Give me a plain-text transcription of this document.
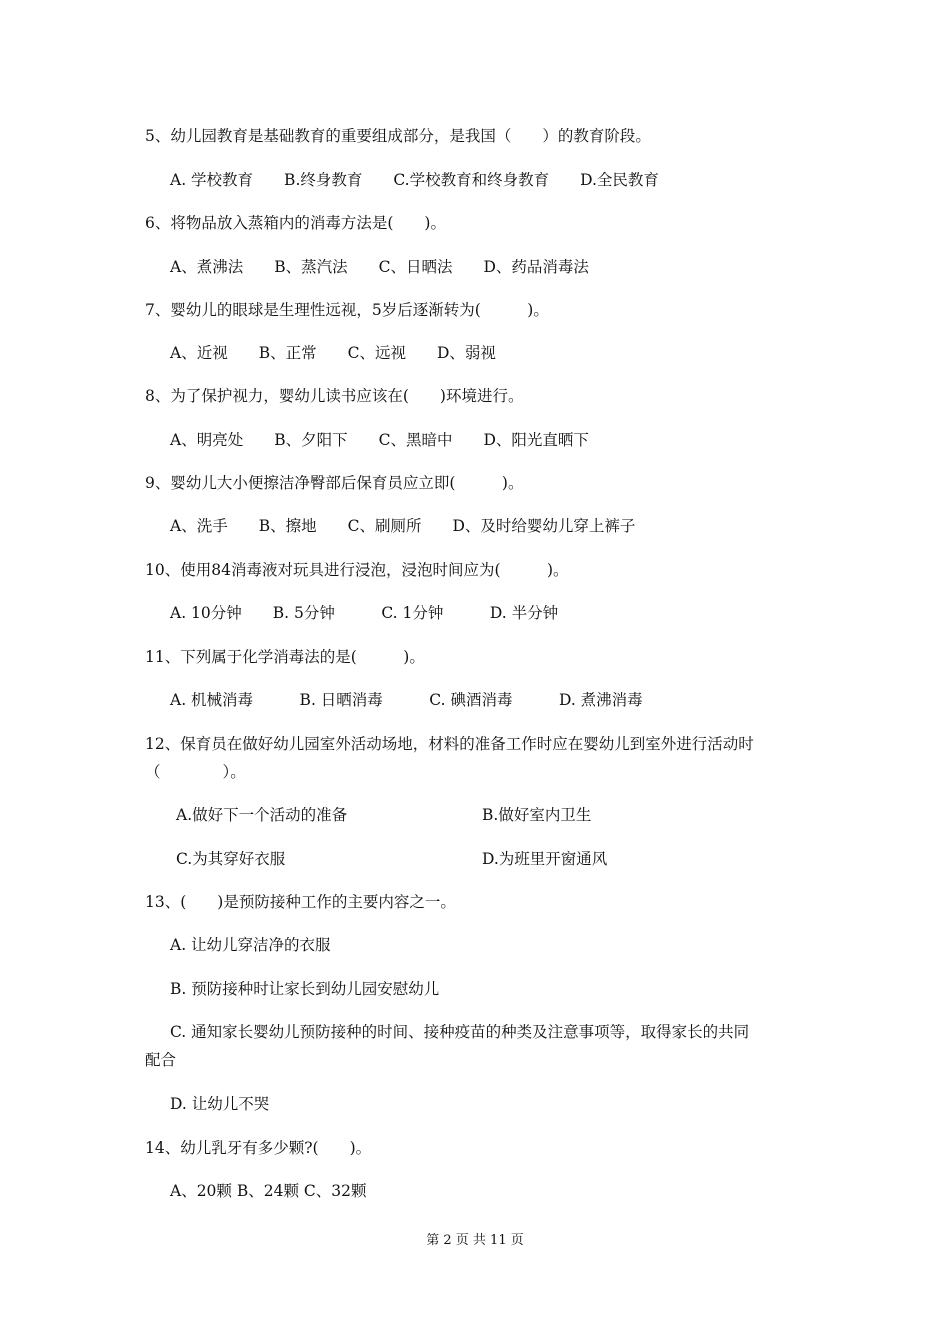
5、幼儿园教育是基础教育的重要组成部分，是我国（　　）的教育阶段。
A. 学校教育　　B.终身教育　　C.学校教育和终身教育　　D.全民教育
6、将物品放入蒸箱内的消毒方法是(　　)。
A、煮沸法　　B、蒸汽法　　C、日晒法　　D、药品消毒法
7、婴幼儿的眼球是生理性远视，5岁后逐渐转为(　　　)。
A、近视　　B、正常　　C、远视　　D、弱视
8、为了保护视力，婴幼儿读书应该在(　　)环境进行。
A、明亮处　　B、夕阳下　　C、黑暗中　　D、阳光直晒下
9、婴幼儿大小便擦洁净臀部后保育员应立即(　　　)。
A、洗手　　B、擦地　　C、刷厕所　　D、及时给婴幼儿穿上裤子
10、使用84消毒液对玩具进行浸泡，浸泡时间应为(　　　)。
A. 10分钟　　B. 5分钟　　　C. 1分钟　　　D. 半分钟
11、下列属于化学消毒法的是(　　　)。
A. 机械消毒　　　B. 日晒消毒　　　C. 碘酒消毒　　　D. 煮沸消毒
12、保育员在做好幼儿园室外活动场地，材料的准备工作时应在婴幼儿到室外进行活动时
（　　　　）。
A.做好下一个活动的准备	B.做好室内卫生
C.为其穿好衣服	D.为班里开窗通风
13、(　　)是预防接种工作的主要内容之一。
A. 让幼儿穿洁净的衣服
B. 预防接种时让家长到幼儿园安慰幼儿
C. 通知家长婴幼儿预防接种的时间、接种疫苗的种类及注意事项等，取得家长的共同
配合
D. 让幼儿不哭
14、幼儿乳牙有多少颗?(　　)。
A、20颗 B、24颗 C、32颗
第 2 页 共 11 页
